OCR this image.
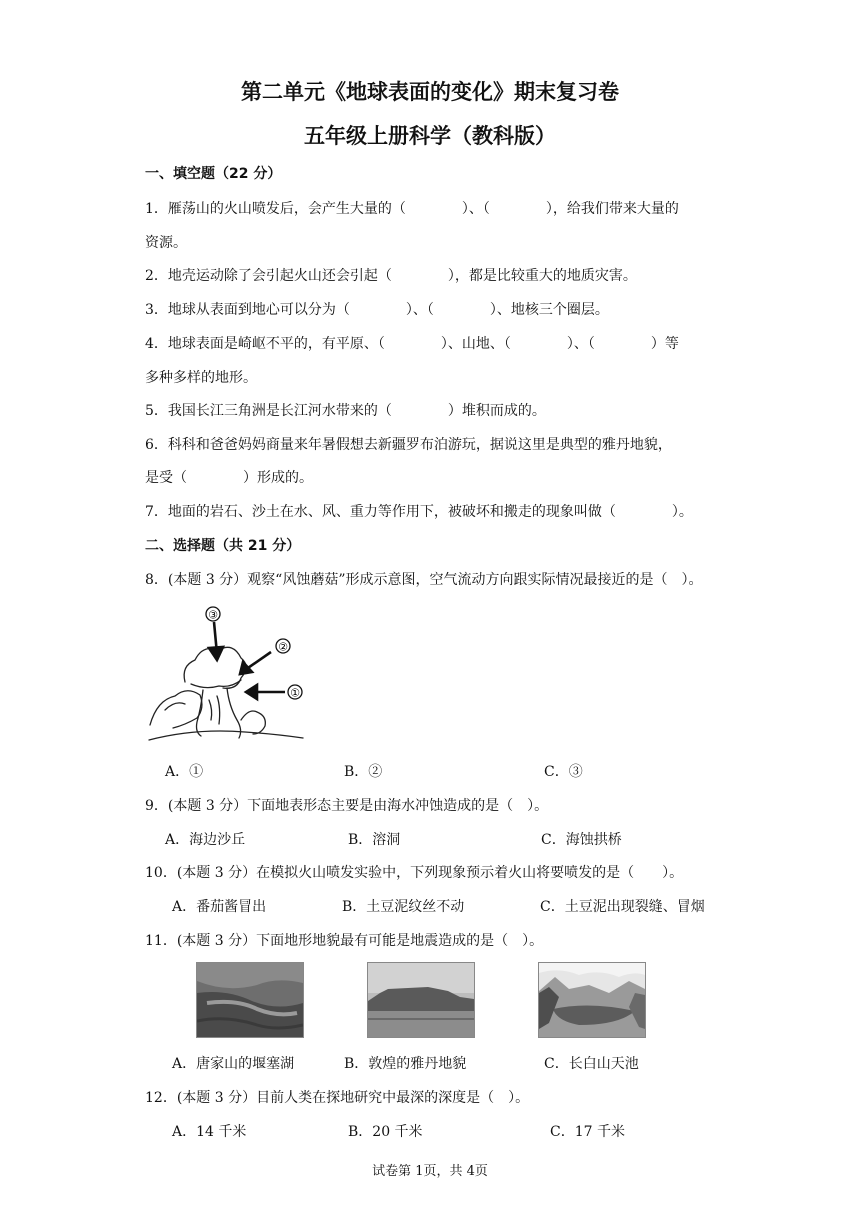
第二单元《地球表面的变化》期末复习卷
五年级上册科学（教科版）
一、填空题（22 分）
1．雁荡山的火山喷发后，会产生大量的（　　　　）、（　　　　），给我们带来大量的
资源。
2．地壳运动除了会引起火山还会引起（　　　　），都是比较重大的地质灾害。
3．地球从表面到地心可以分为（　　　　）、（　　　　）、地核三个圈层。
4．地球表面是崎岖不平的，有平原、（　　　　）、山地、（　　　　）、（　　　　）等
多种多样的地形。
5．我国长江三角洲是长江河水带来的（　　　　）堆积而成的。
6．科科和爸爸妈妈商量来年暑假想去新疆罗布泊游玩，据说这里是典型的雅丹地貌，
是受（　　　　）形成的。
7．地面的岩石、沙土在水、风、重力等作用下，被破坏和搬走的现象叫做（　　　　）。
二、选择题（共 21 分）
8．(本题 3 分）观察“风蚀蘑菇”形成示意图，空气流动方向跟实际情况最接近的是（　）。
③
②
①
A．①	B．②	C．③
9．(本题 3 分）下面地表形态主要是由海水冲蚀造成的是（　）。
A．海边沙丘	B．溶洞	C．海蚀拱桥
10．(本题 3 分）在模拟火山喷发实验中，下列现象预示着火山将要喷发的是（　　）。
A．番茄酱冒出	B．土豆泥纹丝不动	C．土豆泥出现裂缝、冒烟
11．(本题 3 分）下面地形地貌最有可能是地震造成的是（　）。
A．唐家山的堰塞湖	B．敦煌的雅丹地貌	C．长白山天池
12．(本题 3 分）目前人类在探地研究中最深的深度是（　）。
A．14 千米	B．20 千米	C．17 千米
试卷第 1页，共 4页
